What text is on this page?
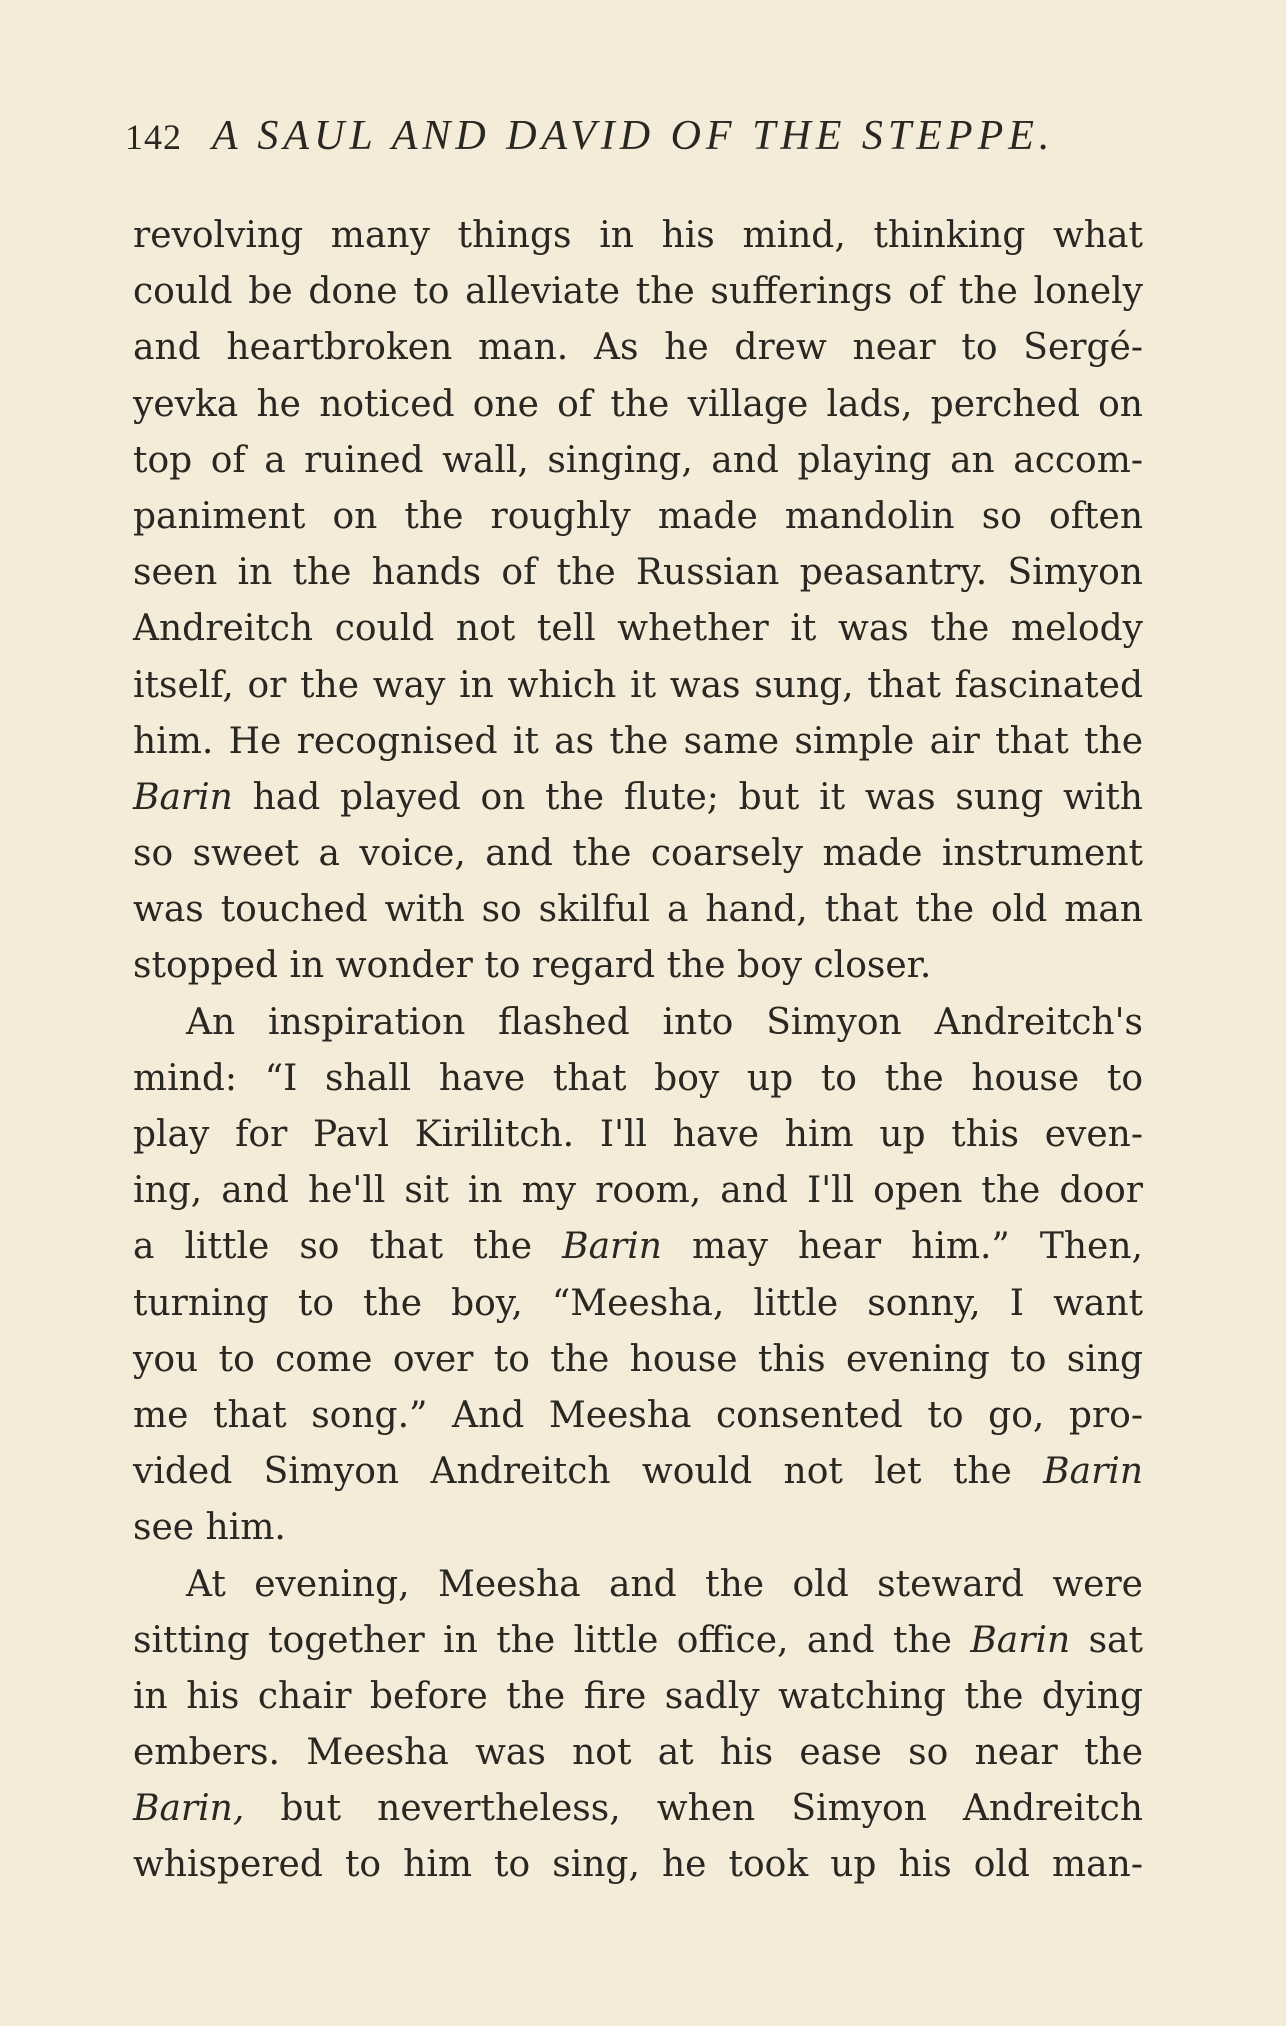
142 A SAUL AND DAVID OF THE STEPPE.
revolving many things in his mind, thinking what
could be done to alleviate the sufferings of the lonely
and heartbroken man. As he drew near to Sergé-
yevka he noticed one of the village lads, perched on
top of a ruined wall, singing, and playing an accom-
paniment on the roughly made mandolin so often
seen in the hands of the Russian peasantry. Simyon
Andreitch could not tell whether it was the melody
itself, or the way in which it was sung, that fascinated
him. He recognised it as the same simple air that the
Barin had played on the flute; but it was sung with
so sweet a voice, and the coarsely made instrument
was touched with so skilful a hand, that the old man
stopped in wonder to regard the boy closer.
An inspiration flashed into Simyon Andreitch's
mind: “I shall have that boy up to the house to
play for Pavl Kirilitch. I'll have him up this even-
ing, and he'll sit in my room, and I'll open the door
a little so that the Barin may hear him.” Then,
turning to the boy, “Meesha, little sonny, I want
you to come over to the house this evening to sing
me that song.” And Meesha consented to go, pro-
vided Simyon Andreitch would not let the Barin
see him.
At evening, Meesha and the old steward were
sitting together in the little office, and the Barin sat
in his chair before the fire sadly watching the dying
embers. Meesha was not at his ease so near the
Barin, but nevertheless, when Simyon Andreitch
whispered to him to sing, he took up his old man-
